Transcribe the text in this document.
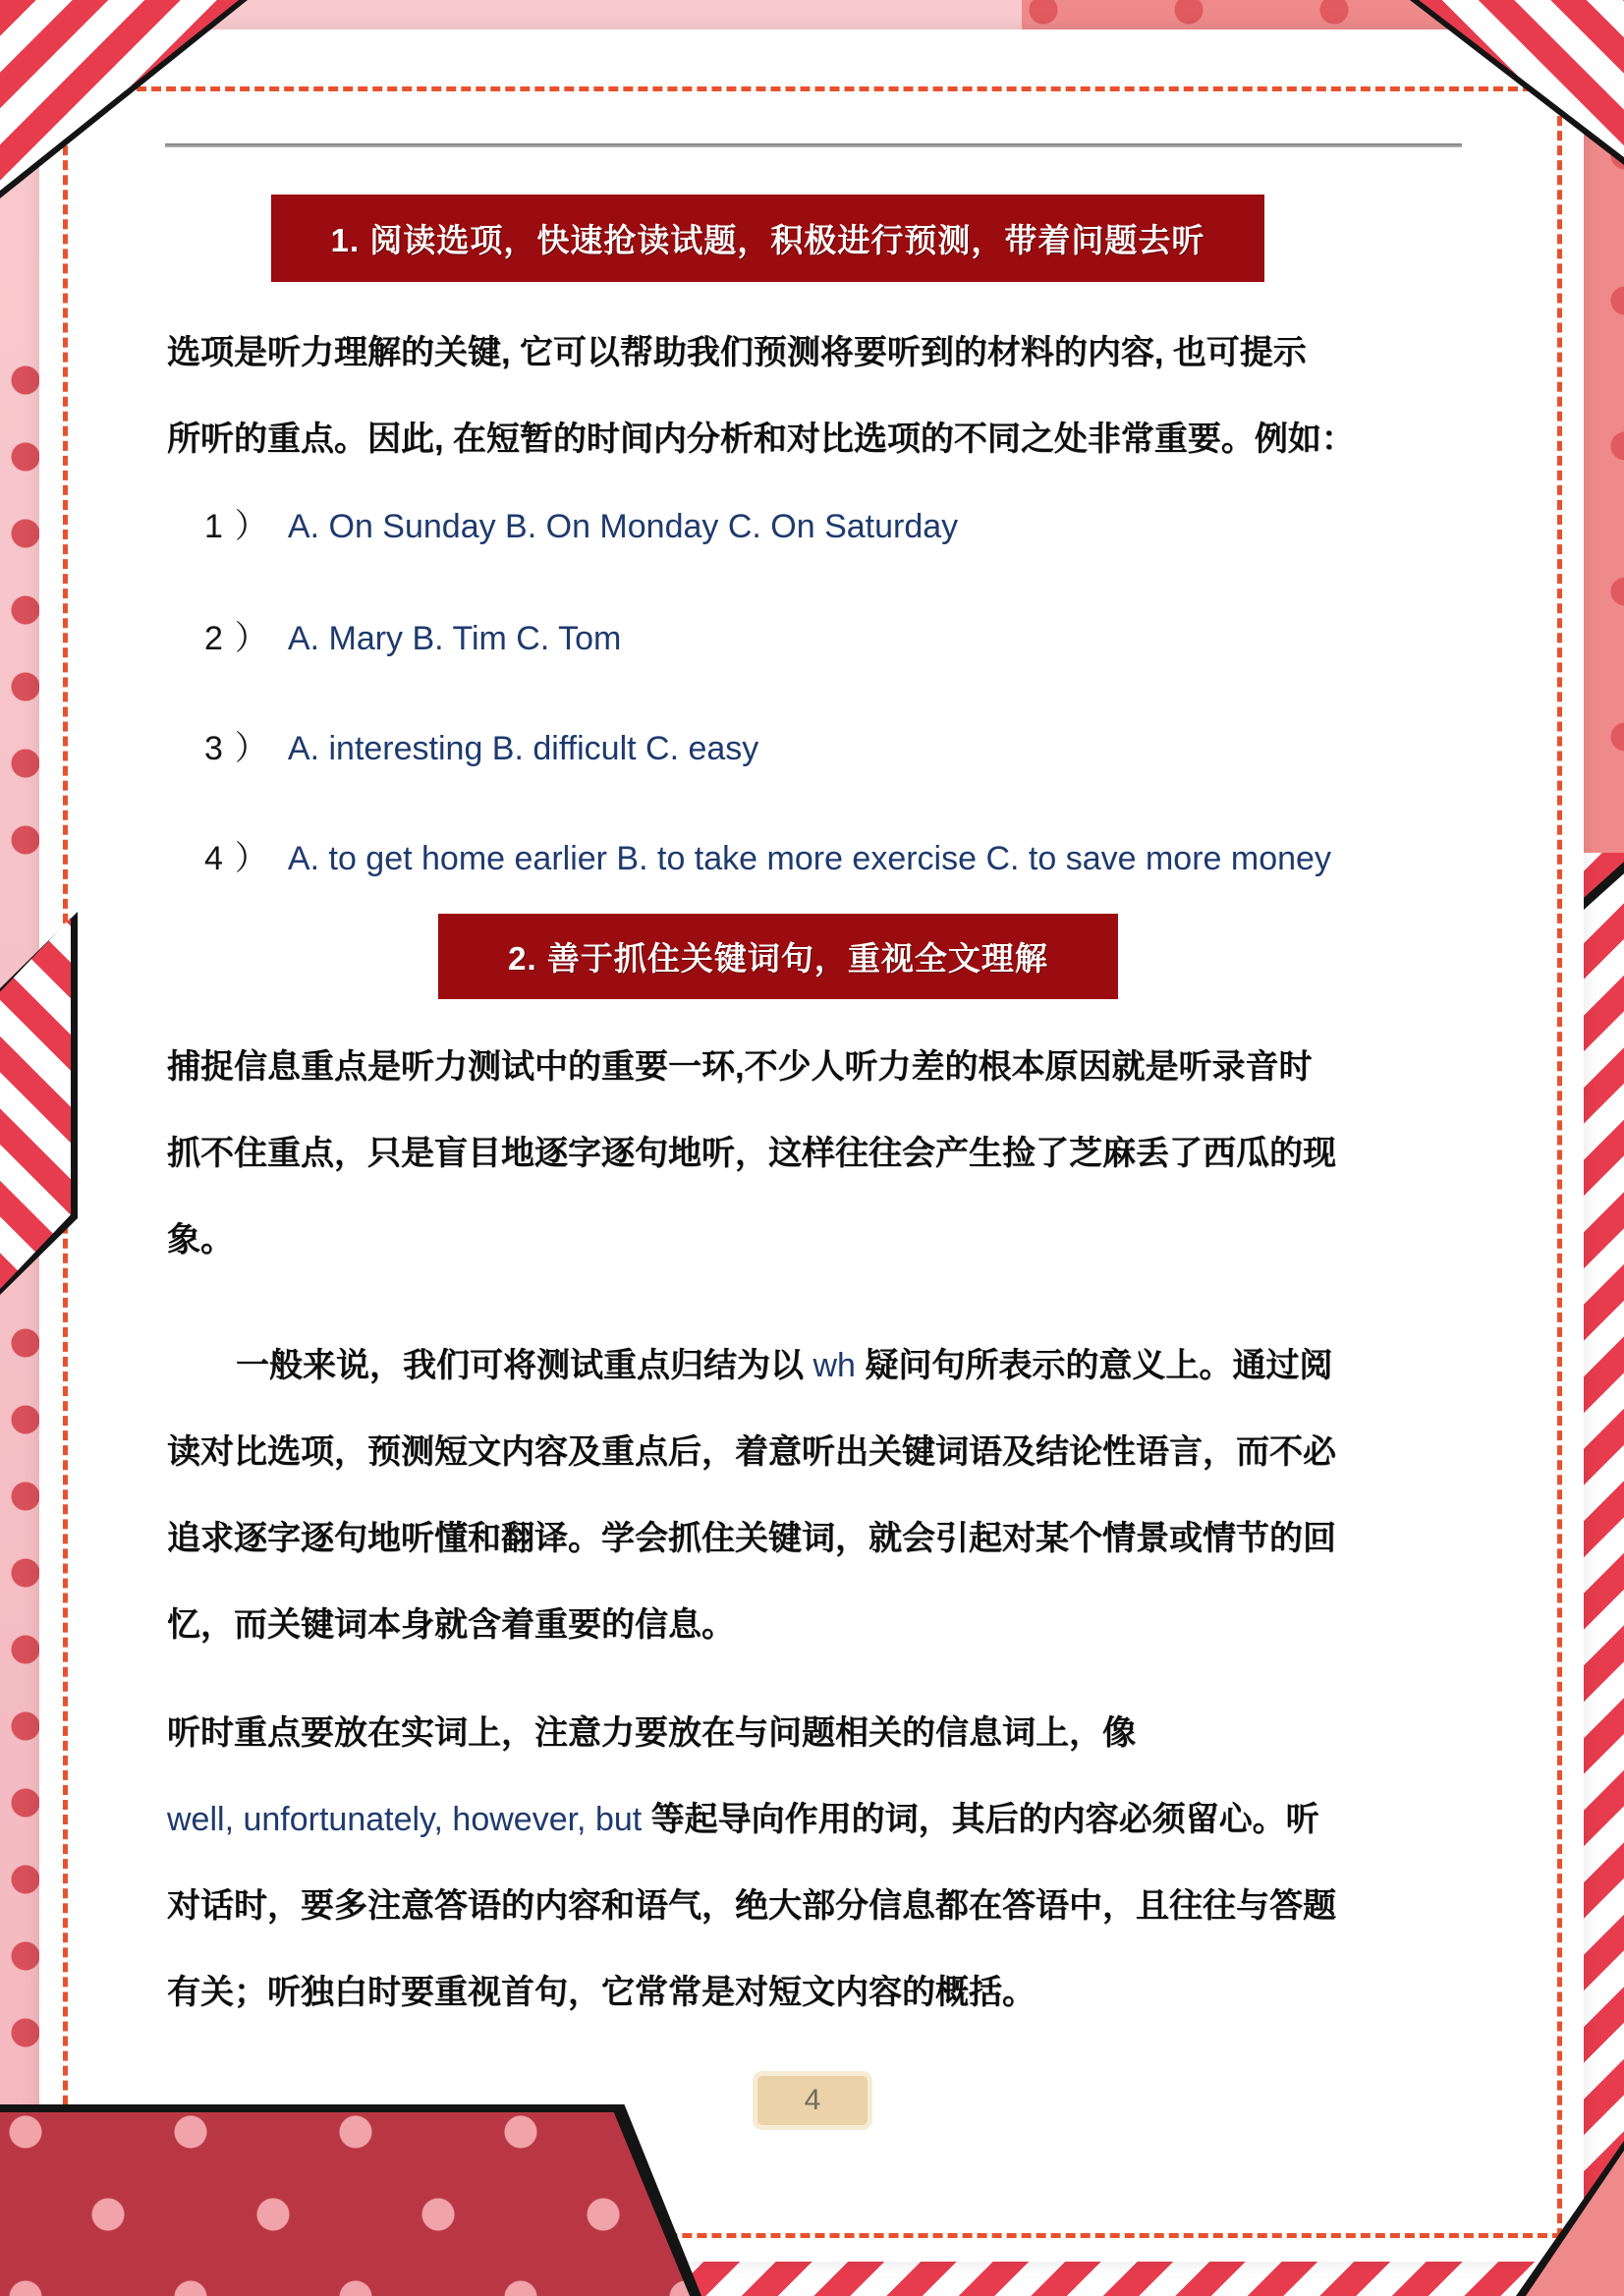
1. 阅读选项，快速抢读试题，积极进行预测，带着问题去听
选项是听力理解的关键, 它可以帮助我们预测将要听到的材料的内容, 也可提示
所听的重点。因此, 在短暂的时间内分析和对比选项的不同之处非常重要。例如：
1 ） A. On Sunday B. On Monday C. On Saturday
2 ） A. Mary B. Tim C. Tom
3 ） A. interesting B. difficult C. easy
4 ） A. to get home earlier B. to take more exercise C. to save more money
2. 善于抓住关键词句，重视全文理解
捕捉信息重点是听力测试中的重要一环,不少人听力差的根本原因就是听录音时
抓不住重点，只是盲目地逐字逐句地听，这样往往会产生捡了芝麻丢了西瓜的现
象。
一般来说，我们可将测试重点归结为以 wh 疑问句所表示的意义上。通过阅
读对比选项，预测短文内容及重点后，着意听出关键词语及结论性语言，而不必
追求逐字逐句地听懂和翻译。学会抓住关键词，就会引起对某个情景或情节的回
忆，而关键词本身就含着重要的信息。
听时重点要放在实词上，注意力要放在与问题相关的信息词上，像
well, unfortunately, however, but 等起导向作用的词，其后的内容必须留心。听
对话时，要多注意答语的内容和语气，绝大部分信息都在答语中，且往往与答题
有关；听独白时要重视首句，它常常是对短文内容的概括。
4
